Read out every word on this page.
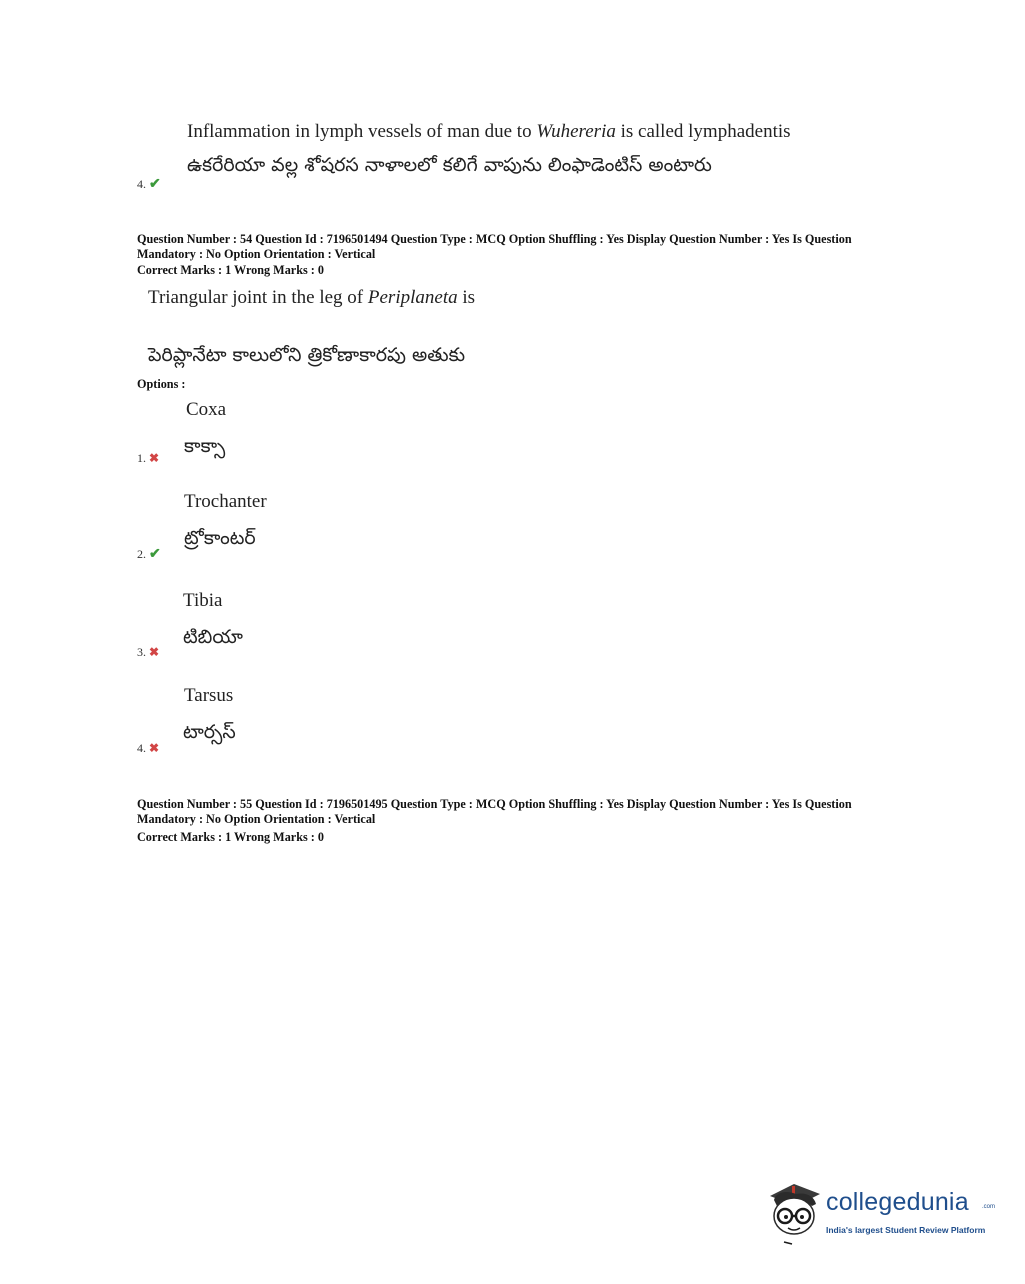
Inflammation in lymph vessels of man due to Wuhereria is called lymphadentis
ఉకరేరియా వల్ల శోషరస నాళాలలో కలిగే వాపును లింఫాడెంటిస్ అంటారు
4. ✔
Question Number : 54 Question Id : 7196501494 Question Type : MCQ Option Shuffling : Yes Display Question Number : Yes Is Question Mandatory : No Option Orientation : Vertical
Correct Marks : 1 Wrong Marks : 0
Triangular joint in the leg of Periplaneta is
పెరిప్లానేటా కాలులోని త్రికోణాకారపు అతుకు
Options :
Coxa
కాక్సా
1. ✖
Trochanter
ట్రోకాంటర్
2. ✔
Tibia
టిబియా
3. ✖
Tarsus
టార్సస్
4. ✖
Question Number : 55 Question Id : 7196501495 Question Type : MCQ Option Shuffling : Yes Display Question Number : Yes Is Question Mandatory : No Option Orientation : Vertical
Correct Marks : 1 Wrong Marks : 0
collegedunia .com
India's largest Student Review Platform
